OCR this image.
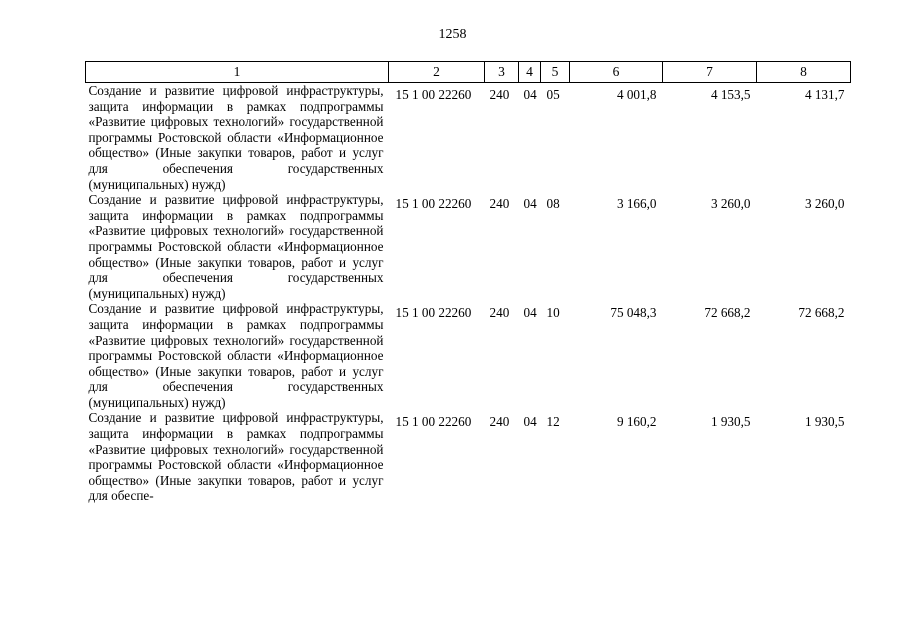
1258
1	2	3	4	5	6	7	8
Создание и развитие цифровой инфраструктуры, защита информации в рамках подпрограммы «Развитие цифровых технологий» государственной программы Ростовской области «Информационное общество» (Иные закупки товаров, работ и услуг для обеспечения государственных (муниципальных) нужд)	15 1 00 22260	240	04	05	4 001,8	4 153,5	4 131,7
Создание и развитие цифровой инфраструктуры, защита информации в рамках подпрограммы «Развитие цифровых технологий» государственной программы Ростовской области «Информационное общество» (Иные закупки товаров, работ и услуг для обеспечения государственных (муниципальных) нужд)	15 1 00 22260	240	04	08	3 166,0	3 260,0	3 260,0
Создание и развитие цифровой инфраструктуры, защита информации в рамках подпрограммы «Развитие цифровых технологий» государственной программы Ростовской области «Информационное общество» (Иные закупки товаров, работ и услуг для обеспечения государственных (муниципальных) нужд)	15 1 00 22260	240	04	10	75 048,3	72 668,2	72 668,2
Создание и развитие цифровой инфраструктуры, защита информации в рамках подпрограммы «Развитие цифровых технологий» государственной программы Ростовской области «Информационное общество» (Иные закупки товаров, работ и услуг для обеспе-	15 1 00 22260	240	04	12	9 160,2	1 930,5	1 930,5
